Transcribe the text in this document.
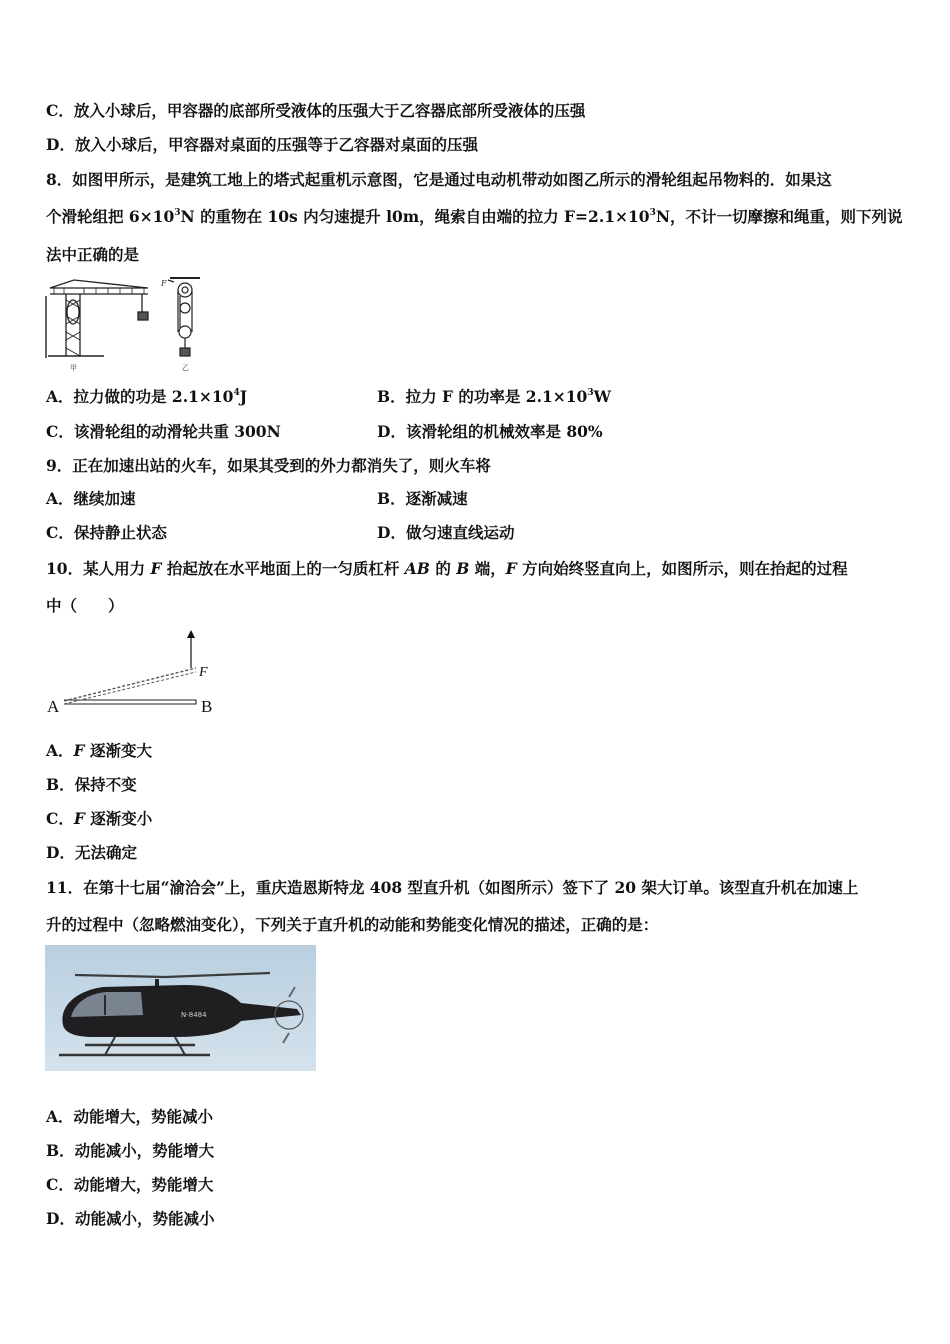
C．放入小球后，甲容器的底部所受液体的压强大于乙容器底部所受液体的压强
D．放入小球后，甲容器对桌面的压强等于乙容器对桌面的压强
8．如图甲所示，是建筑工地上的塔式起重机示意图，它是通过电动机带动如图乙所示的滑轮组起吊物料的．如果这
个滑轮组把 $6\times 10^3N$ 的重物在 10s 内匀速提升 l0m，绳索自由端的拉力 $F=2.1\times 10^3N$，不计一切摩擦和绳重，则下列说
法中正确的是
甲
F
乙
A．拉力做的功是 $2.1\times 10^4J$	B．拉力 F 的功率是 $2.1\times 10^3W$
C．该滑轮组的动滑轮共重 300N	D．该滑轮组的机械效率是 80%
9．正在加速出站的火车，如果其受到的外力都消失了，则火车将
A．继续加速	B．逐渐减速
C．保持静止状态	D．做匀速直线运动
10．某人用力 F 抬起放在水平地面上的一匀质杠杆 AB 的 B 端，F 方向始终竖直向上，如图所示，则在抬起的过程
中（　　）
A	B
F
A．F 逐渐变大
B．保持不变
C．F 逐渐变小
D．无法确定
11．在第十七届“渝洽会”上，重庆造恩斯特龙 408 型直升机（如图所示）签下了 20 架大订单。该型直升机在加速上
升的过程中（忽略燃油变化），下列关于直升机的动能和势能变化情况的描述，正确的是：
N-8484
A．动能增大，势能减小
B．动能减小，势能增大
C．动能增大，势能增大
D．动能减小，势能减小
